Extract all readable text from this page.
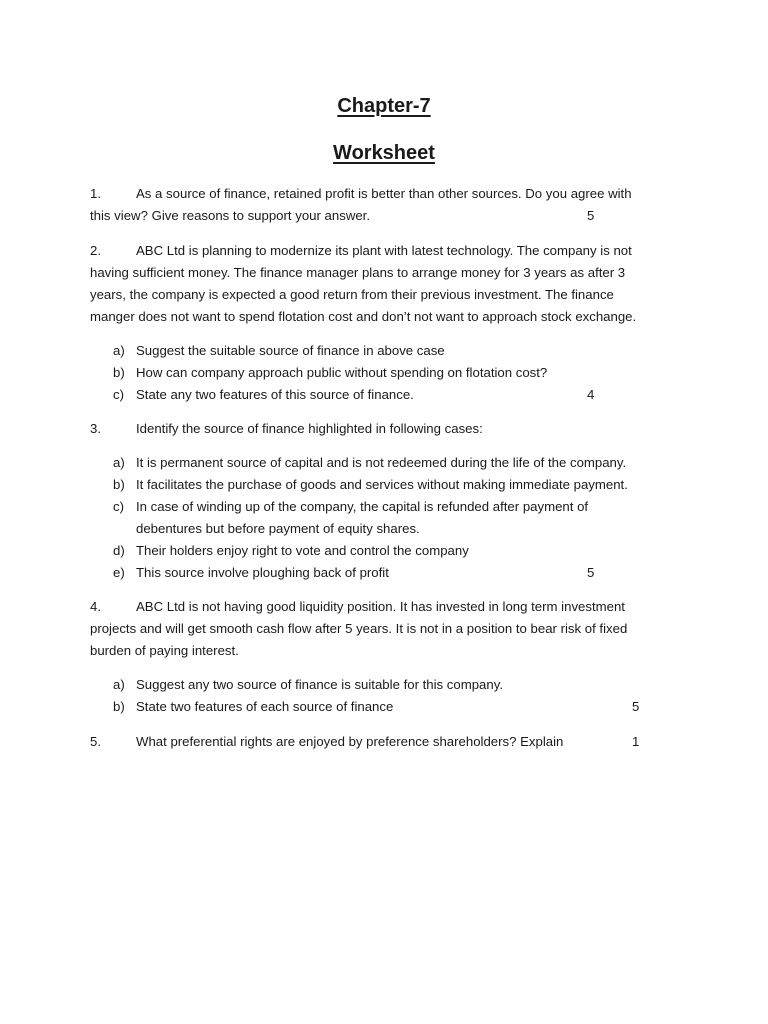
Chapter-7
Worksheet
1.	As a source of finance, retained profit is better than other sources. Do you agree with
this view? Give reasons to support your answer.	5
2.	ABC Ltd is planning to modernize its plant with latest technology. The company is not
having sufficient money. The finance manager plans to arrange money for 3 years as after 3
years, the company is expected a good return from their previous investment. The finance
manger does not want to spend flotation cost and don’t not want to approach stock exchange.
a) Suggest the suitable source of finance in above case
b) How can company approach public without spending on flotation cost?
c) State any two features of this source of finance.	4
3.	Identify the source of finance highlighted in following cases:
a) It is permanent source of capital and is not redeemed during the life of the company.
b) It facilitates the purchase of goods and services without making immediate payment.
c) In case of winding up of the company, the capital is refunded after payment of
debentures but before payment of equity shares.
d) Their holders enjoy right to vote and control the company
e) This source involve ploughing back of profit	5
4.	ABC Ltd is not having good liquidity position. It has invested in long term investment
projects and will get smooth cash flow after 5 years. It is not in a position to bear risk of fixed
burden of paying interest.
a) Suggest any two source of finance is suitable for this company.
b) State two features of each source of finance	5
5.	What preferential rights are enjoyed by preference shareholders? Explain	1
